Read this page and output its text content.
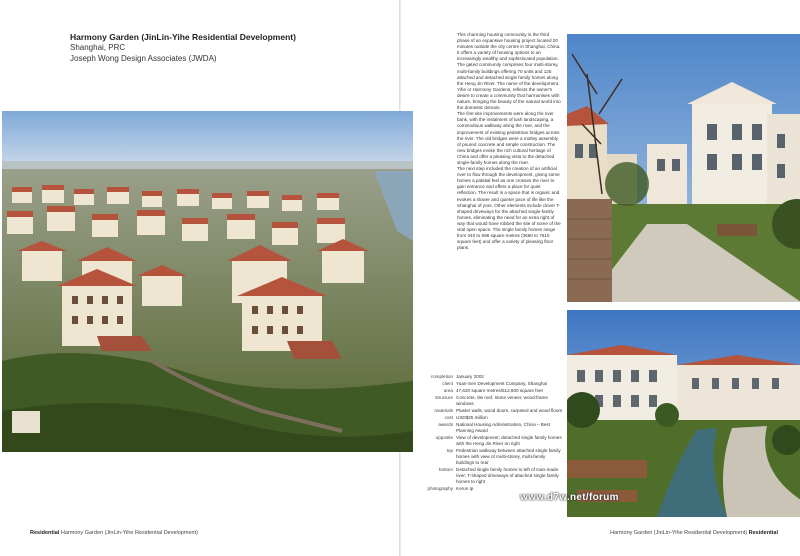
Harmony Garden (JinLin-Yihe Residential Development)
Shanghai, PRC
Joseph Wong Design Associates (JWDA)

This charming housing community is the third phase of an expansive housing project located 20 minutes outside the city centre in Shanghai, China. It offers a variety of housing options to an increasingly wealthy and sophisticated population.

The gated community comprises four multi-storey, multi-family buildings offering 70 units and 125 attached and detached single family homes along the Heng Jin River. The name of the development, Yihe or Harmony Gardens, reflects the owner's desire to create a community that harmonises with nature, bringing the beauty of the natural world into the domestic domain.

The first site improvements were along the river bank, with the instalment of lush landscaping, a commodious walkway along the river, and the improvement of existing pedestrian bridges across the river. The old bridges were a motley assembly of poured concrete and simple construction. The new bridges evoke the rich cultural heritage of China and offer a pleasing vista to the detached single-family homes along the river.

The next step included the creation of an artificial river to flow through the development, giving some homes a palatial feel as one crosses the river to gain entrance and offers a place for quiet reflection. The result is a space that is organic and evokes a slower and quieter pace of life like the Shanghai of yore. Other elements include clever T-shaped driveways for the attached single-family homes, eliminating the need for an extra right of way that would have robbed the site of some of the vital open space. The single family homes range from 340 to 698 square metres (3660 to 7510 square feet) and offer a variety of pleasing floor plans.

completion January 2002
client Yuan-Sen Development Company, Shanghai
area 47,620 square metres/512,600 square feet
structure Concrete, tile roof, stone veneer, wood-frame windows
materials Plaster walls, wood doors, carpeted and wood floors
cost USD$25 million
awards National Housing Administration, China – Best Planning Award
opposite View of development; detached single family homes with the Heng Jin River on right
top Pedestrian walkway between attached single family homes with view of multi-storey, multi-family buildings to rear
bottom Detached single family homes to left of man-made river; T-shaped driveways of attached single family homes to right
photography Kerun Ip
www.d7w.net/forum
Residential Harmony Garden (JinLin-Yihe Residential Development)	Harmony Garden (JinLin-Yihe Residential Development) Residential
